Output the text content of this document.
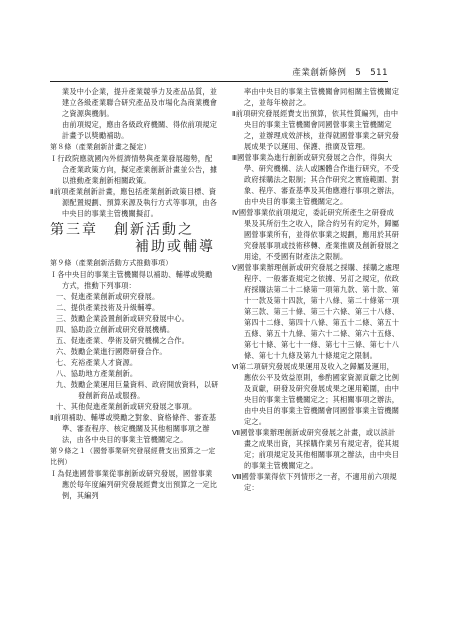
產業創新條例　5　511

業及中小企業，提升產業競爭力及產品品質，並建立各級產業聯合研究產品及市場化為商業機會之資源與機制。

由前項規定，應由各級政府機關、得依前項規定計畫予以獎勵補助。

第８條（產業創新計畫之擬定）

Ｉ行政院應就國內外經濟情勢與產業發展趨勢，配合產業政策方向，擬定產業創新計畫並公告，據以推動產業創新相關政策。

Ⅱ前項產業創新計畫，應包括產業創新政策目標、資源配置規劃、預算來源及執行方式等事項，由各中央目的事業主管機關擬訂。

第三章　創新活動之
補助或輔導

第９條（產業創新活動方式推動事項）

Ｉ各中央目的事業主管機關得以補助、輔導或獎勵方式，推動下列事項：

一、促進產業創新或研究發展。

二、提供產業技術及升級輔導。

三、鼓勵企業設置創新或研究發展中心。

四、協助設立創新或研究發展機構。

五、促進產業、學術及研究機構之合作。

六、鼓勵企業進行國際研發合作。

七、充裕產業人才資源。

八、協助地方產業創新。

九、鼓勵企業運用巨量資料、政府開放資料，以研發創新商品或服務。

十、其他促進產業創新或研究發展之事項。

Ⅱ前項補助、輔導或獎勵之對象、資格條件、審查基準、審查程序、核定機關及其他相關事項之辦法，由各中央目的事業主管機關定之。

第９條之１（國營事業研究發展經費支出預算之一定比例）

Ｉ為促進國營事業從事創新或研究發展，國營事業應於每年度編列研究發展經費支出預算之一定比例，其編列

率由中央目的事業主管機關會同相關主管機關定之，並每年檢討之。

Ⅱ前項研究發展經費支出預算，依其性質編列，由中央目的事業主管機關會同國營事業主管機關定之，並辦理成效評核，並得就國營事業之研究發展成果予以運用、保護、推廣及管理。

Ⅲ國營事業為進行創新或研究發展之合作，得與大學、研究機構、法人或團體合作進行研究，不受政府採購法之限制；其合作研究之實施範圍、對象、程序、審查基準及其他應遵行事項之辦法，由中央目的事業主管機關定之。

Ⅳ國營事業依前項規定，委託研究所產生之研發成果及其所衍生之收入，除合約另有約定外，歸屬國營事業所有，並得依事業之規劃，應用於其研究發展事項或技術移轉、產業推廣及創新發展之用途，不受國有財產法之限制。

Ⅴ國營事業辦理創新或研究發展之採購、採購之處理程序、一般審查規定之依據、另訂之規定，依政府採購法第二十二條第一項第九款、第十款、第十一款及第十四款，第十八條、第二十條第一項第三款、第三十條、第三十六條、第三十八條、第四十二條、第四十八條、第五十二條、第五十五條、第五十九條、第六十二條、第六十五條、第七十條、第七十一條、第七十三條、第七十八條、第七十九條及第九十條規定之限制。

Ⅵ第二項研究發展成果運用及收入之歸屬及運用，應依公平及效益原則，參酌國家資源貢獻之比例及貢獻，研發及研究發展成果之運用範圍，由中央目的事業主管機關定之；其相關事項之辦法，由中央目的事業主管機關會同國營事業主管機關定之。

Ⅶ國營事業辦理創新或研究發展之計畫，或以該計畫之成果出資，其採購作業另有規定者，從其規定；前項規定及其他相關事項之辦法，由中央目的事業主管機關定之。

Ⅷ國營事業得依下列情形之一者，不適用前六項規定：
